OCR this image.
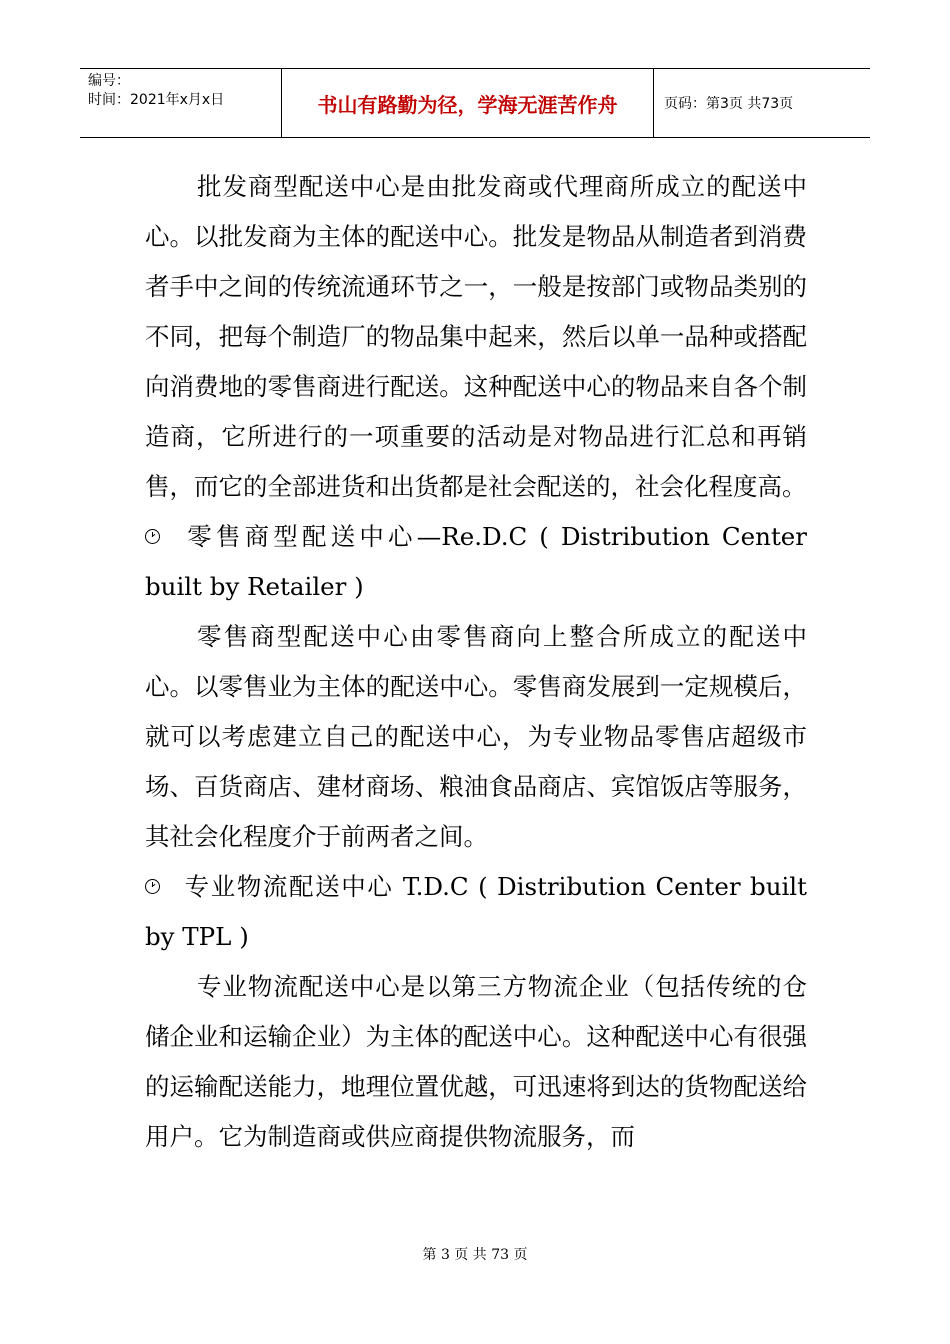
编号：
时间：2021年x月x日	书山有路勤为径，学海无涯苦作舟	页码：第3页 共73页

批发商型配送中心是由批发商或代理商所成立的配送中心。以批发商为主体的配送中心。批发是物品从制造者到消费者手中之间的传统流通环节之一，一般是按部门或物品类别的不同，把每个制造厂的物品集中起来，然后以单一品种或搭配向消费地的零售商进行配送。这种配送中心的物品来自各个制造商，它所进行的一项重要的活动是对物品进行汇总和再销售，而它的全部进货和出货都是社会配送的，社会化程度高。

零售商型配送中心—Re.D.C ( Distribution Center built by Retailer )

零售商型配送中心由零售商向上整合所成立的配送中心。以零售业为主体的配送中心。零售商发展到一定规模后，就可以考虑建立自己的配送中心，为专业物品零售店超级市场、百货商店、建材商场、粮油食品商店、宾馆饭店等服务，其社会化程度介于前两者之间。

专业物流配送中心 T.D.C ( Distribution Center built by TPL )

专业物流配送中心是以第三方物流企业（包括传统的仓储企业和运输企业）为主体的配送中心。这种配送中心有很强的运输配送能力，地理位置优越，可迅速将到达的货物配送给用户。它为制造商或供应商提供物流服务，而

第 3 页 共 73 页
